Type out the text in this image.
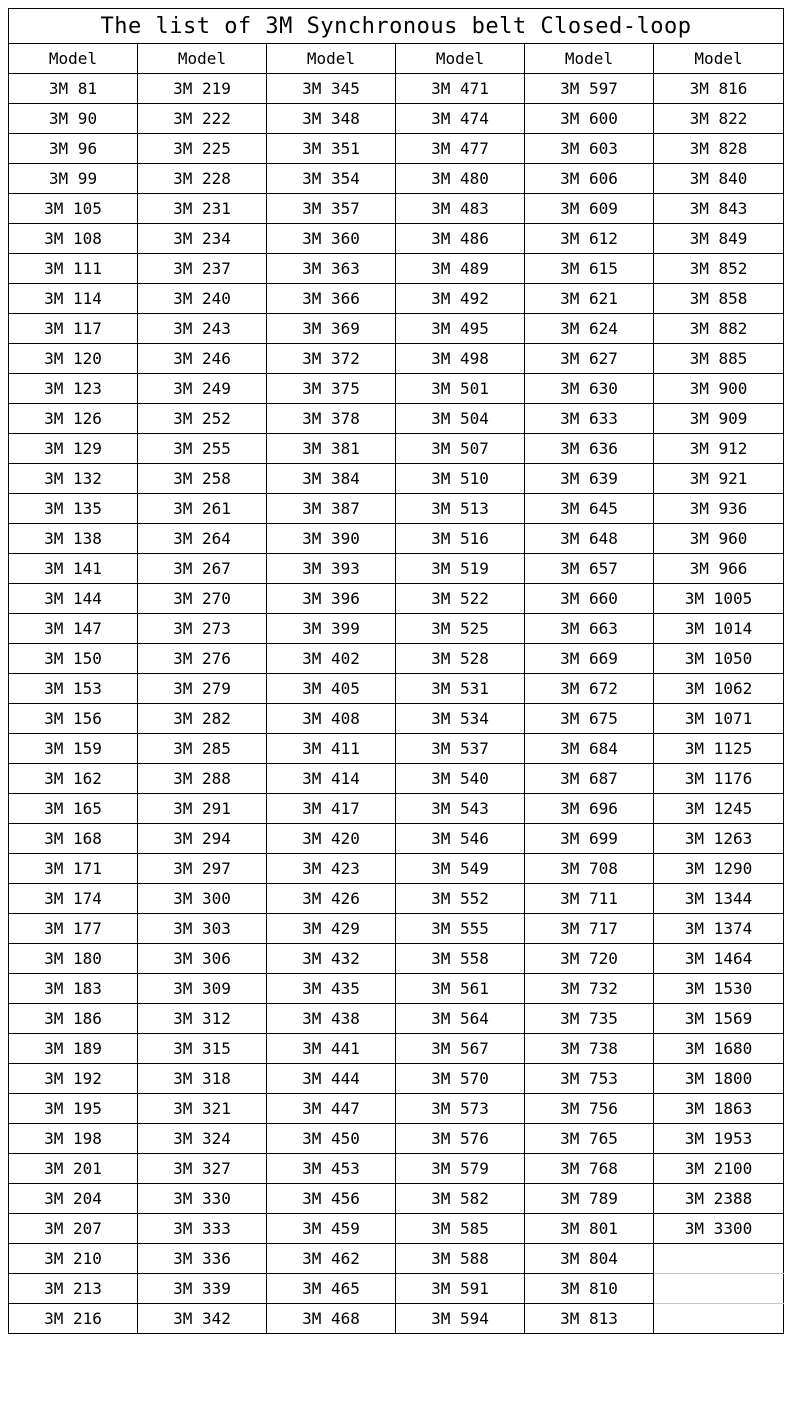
The list of 3M Synchronous belt Closed-loop					
Model	Model	Model	Model	Model	Model
3M 81	3M 219	3M 345	3M 471	3M 597	3M 816
3M 90	3M 222	3M 348	3M 474	3M 600	3M 822
3M 96	3M 225	3M 351	3M 477	3M 603	3M 828
3M 99	3M 228	3M 354	3M 480	3M 606	3M 840
3M 105	3M 231	3M 357	3M 483	3M 609	3M 843
3M 108	3M 234	3M 360	3M 486	3M 612	3M 849
3M 111	3M 237	3M 363	3M 489	3M 615	3M 852
3M 114	3M 240	3M 366	3M 492	3M 621	3M 858
3M 117	3M 243	3M 369	3M 495	3M 624	3M 882
3M 120	3M 246	3M 372	3M 498	3M 627	3M 885
3M 123	3M 249	3M 375	3M 501	3M 630	3M 900
3M 126	3M 252	3M 378	3M 504	3M 633	3M 909
3M 129	3M 255	3M 381	3M 507	3M 636	3M 912
3M 132	3M 258	3M 384	3M 510	3M 639	3M 921
3M 135	3M 261	3M 387	3M 513	3M 645	3M 936
3M 138	3M 264	3M 390	3M 516	3M 648	3M 960
3M 141	3M 267	3M 393	3M 519	3M 657	3M 966
3M 144	3M 270	3M 396	3M 522	3M 660	3M 1005
3M 147	3M 273	3M 399	3M 525	3M 663	3M 1014
3M 150	3M 276	3M 402	3M 528	3M 669	3M 1050
3M 153	3M 279	3M 405	3M 531	3M 672	3M 1062
3M 156	3M 282	3M 408	3M 534	3M 675	3M 1071
3M 159	3M 285	3M 411	3M 537	3M 684	3M 1125
3M 162	3M 288	3M 414	3M 540	3M 687	3M 1176
3M 165	3M 291	3M 417	3M 543	3M 696	3M 1245
3M 168	3M 294	3M 420	3M 546	3M 699	3M 1263
3M 171	3M 297	3M 423	3M 549	3M 708	3M 1290
3M 174	3M 300	3M 426	3M 552	3M 711	3M 1344
3M 177	3M 303	3M 429	3M 555	3M 717	3M 1374
3M 180	3M 306	3M 432	3M 558	3M 720	3M 1464
3M 183	3M 309	3M 435	3M 561	3M 732	3M 1530
3M 186	3M 312	3M 438	3M 564	3M 735	3M 1569
3M 189	3M 315	3M 441	3M 567	3M 738	3M 1680
3M 192	3M 318	3M 444	3M 570	3M 753	3M 1800
3M 195	3M 321	3M 447	3M 573	3M 756	3M 1863
3M 198	3M 324	3M 450	3M 576	3M 765	3M 1953
3M 201	3M 327	3M 453	3M 579	3M 768	3M 2100
3M 204	3M 330	3M 456	3M 582	3M 789	3M 2388
3M 207	3M 333	3M 459	3M 585	3M 801	3M 3300
3M 210	3M 336	3M 462	3M 588	3M 804	
3M 213	3M 339	3M 465	3M 591	3M 810	
3M 216	3M 342	3M 468	3M 594	3M 813	
